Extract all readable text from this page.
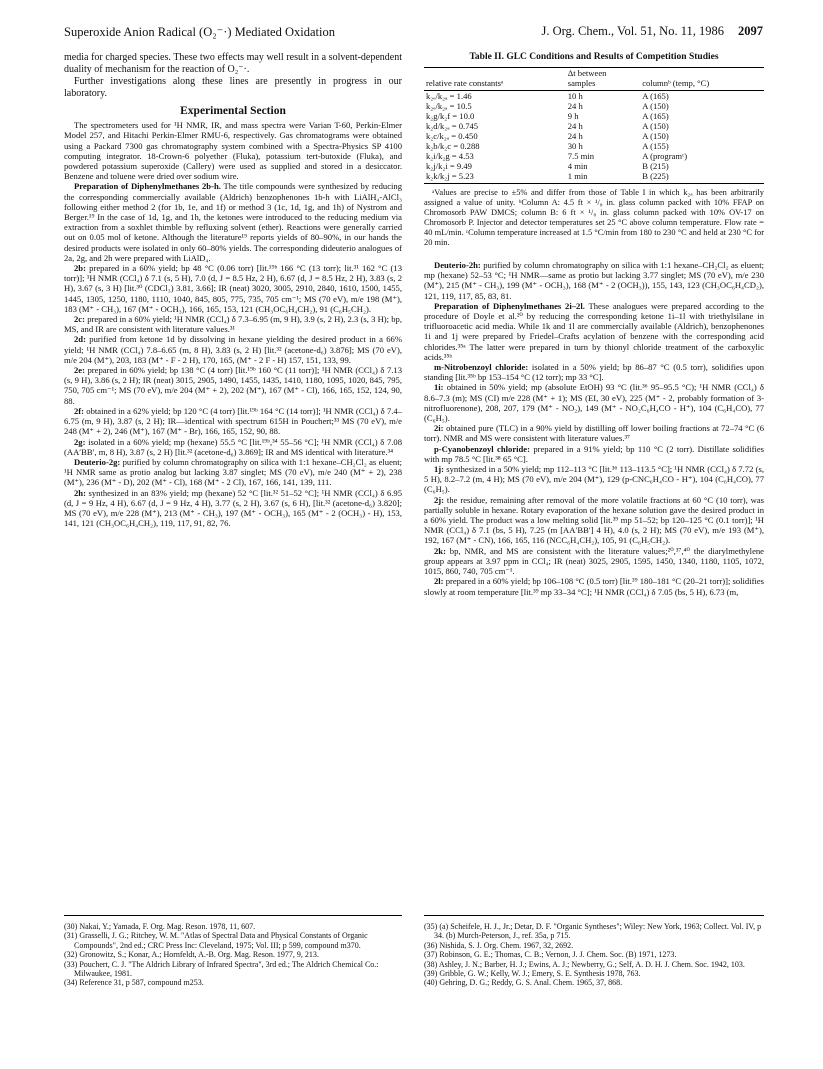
Superoxide Anion Radical (O₂⁻·) Mediated Oxidation	J. Org. Chem., Vol. 51, No. 11, 1986 2097

media for charged species. These two effects may well result in a solvent-dependent duality of mechanism for the reaction of O₂⁻·.

Further investigations along these lines are presently in progress in our laboratory.

Experimental Section

The spectrometers used for ¹H NMR, IR, and mass spectra were Varian T-60, Perkin-Elmer Model 257, and Hitachi Perkin-Elmer RMU-6, respectively. Gas chromatograms were obtained using a Packard 7300 gas chromatography system combined with a Spectra-Physics SP 4100 computing integrator. 18-Crown-6 polyether (Fluka), potassium tert-butoxide (Fluka), and powdered potassium superoxide (Callery) were used as supplied and stored in a desiccator. Benzene and toluene were dried over sodium wire.

Preparation of Diphenylmethanes 2b-h. The title compounds were synthesized by reducing the corresponding commercially available (Aldrich) benzophenones 1b-h with LiAlH₄-AlCl₃ following either method 2 (for 1b, 1e, and 1f) or method 3 (1c, 1d, 1g, and 1h) of Nystrom and Berger.¹⁹ In the case of 1d, 1g, and 1h, the ketones were introduced to the reducing medium via extraction from a soxhlet thimble by refluxing solvent (ether). Reactions were generally carried out on 0.05 mol of ketone. Although the literature¹⁹ reports yields of 80–90%, in our hands the desired products were isolated in only 60–80% yields. The corresponding dideuterio analogues of 2a, 2g, and 2h were prepared with LiAlD₄.

2b: prepared in a 60% yield; bp 48 °C (0.06 torr) [lit.¹⁹ᵇ 166 °C (13 torr); lit.³¹ 162 °C (13 torr)]; ¹H NMR (CCl₄) δ 7.1 (s, 5 H), 7.0 (d, J = 8.5 Hz, 2 H), 6.67 (d, J = 8.5 Hz, 2 H), 3.83 (s, 2 H), 3.67 (s, 3 H) [lit.³⁰ (CDCl₃) 3.81, 3.66]; IR (neat) 3020, 3005, 2910, 2840, 1610, 1500, 1455, 1445, 1305, 1250, 1180, 1110, 1040, 845, 805, 775, 735, 705 cm⁻¹; MS (70 eV), m/e 198 (M⁺), 183 (M⁺ - CH₃), 167 (M⁺ - OCH₃), 166, 165, 153, 121 (CH₃OC₆H₄CH₂), 91 (C₆H₅CH₂).

2c: prepared in a 60% yield; ¹H NMR (CCl₄) δ 7.3–6.95 (m, 9 H), 3.9 (s, 2 H), 2.3 (s, 3 H); bp, MS, and IR are consistent with literature values.³¹

2d: purified from ketone 1d by dissolving in hexane yielding the desired product in a 66% yield; ¹H NMR (CCl₄) 7.8–6.65 (m, 8 H), 3.83 (s, 2 H) [lit.³² (acetone-d₆) 3.876]; MS (70 eV), m/e 204 (M⁺), 203, 183 (M⁺ - F - 2 H), 170, 165, (M⁺ - 2 F - H) 157, 151, 133, 99.

2e: prepared in 60% yield; bp 138 °C (4 torr) [lit.¹⁹ᵇ 160 °C (11 torr)]; ¹H NMR (CCl₄) δ 7.13 (s, 9 H), 3.86 (s, 2 H); IR (neat) 3015, 2905, 1490, 1455, 1435, 1410, 1180, 1095, 1020, 845, 795, 750, 705 cm⁻¹; MS (70 eV), m/e 204 (M⁺ + 2), 202 (M⁺), 167 (M⁺ - Cl), 166, 165, 152, 124, 90, 88.

2f: obtained in a 62% yield; bp 120 °C (4 torr) [lit.¹⁹ᵇ 164 °C (14 torr)]; ¹H NMR (CCl₄) δ 7.4–6.75 (m, 9 H), 3.87 (s, 2 H); IR—identical with spectrum 615H in Pouchert;³³ MS (70 eV), m/e 248 (M⁺ + 2), 246 (M⁺), 167 (M⁺ - Br), 166, 165, 152, 90, 88.

2g: isolated in a 60% yield; mp (hexane) 55.5 °C [lit.¹⁹ᵇ,³⁴ 55–56 °C]; ¹H NMR (CCl₄) δ 7.08 (AA′BB′, m, 8 H), 3.87 (s, 2 H) [lit.³² (acetone-d₆) 3.869]; IR and MS identical with literature.³⁴

Deuterio-2g: purified by column chromatography on silica with 1:1 hexane–CH₂Cl₂ as eluent; ¹H NMR same as protio analog but lacking 3.87 singlet; MS (70 eV), m/e 240 (M⁺ + 2), 238 (M⁺), 236 (M⁺ - D), 202 (M⁺ - Cl), 168 (M⁺ - 2 Cl), 167, 166, 141, 139, 111.

2h: synthesized in an 83% yield; mp (hexane) 52 °C [lit.³² 51–52 °C]; ¹H NMR (CCl₄) δ 6.95 (d, J = 9 Hz, 4 H), 6.67 (d, J = 9 Hz, 4 H), 3.77 (s, 2 H), 3.67 (s, 6 H), [lit.³² (acetone-d₆) 3.820]; MS (70 eV), m/e 228 (M⁺), 213 (M⁺ - CH₃), 197 (M⁺ - OCH₃), 165 (M⁺ - 2 (OCH₃) - H), 153, 141, 121 (CH₃OC₆H₄CH₂), 119, 117, 91, 82, 76.

Table II. GLC Conditions and Results of Competition Studies
	Δt between	
relative rate constantsᵃ	samples	columnᵇ (temp, °C)
k₂ₑ/k₂ₐ = 1.46	10 h	A (165)
k₂ₑ/k₂ₐ = 10.5	24 h	A (150)
k₂g/k₂f = 10.0	9 h	A (165)
k₂d/k₂ₐ = 0.745	24 h	A (150)
k₂c/k₂ₐ = 0.450	24 h	A (150)
k₂b/k₂c = 0.288	30 h	A (155)
k₂i/k₂g = 4.53	7.5 min	A (programᶜ)
k₂j/k₂i = 9.49	4 min	B (215)
k₂k/k₂j = 5.23	1 min	B (225)
ᵃValues are precise to ±5% and differ from those of Table I in which k₂ₐ has been arbitrarily assigned a value of unity. ᵇColumn A: 4.5 ft × ¹/₈ in. glass column packed with 10% FFAP on Chromosorb PAW DMCS; column B: 6 ft × ¹/₈ in. glass column packed with 10% OV-17 on Chromosorb P. Injector and detector temperatures set 25 °C above column temperature. Flow rate = 40 mL/min. ᶜColumn temperature increased at 1.5 °C/min from 180 to 230 °C and held at 230 °C for 20 min.

Deuterio-2h: purified by column chromatography on silica with 1:1 hexane–CH₂Cl₂ as eluent; mp (hexane) 52–53 °C; ¹H NMR—same as protio but lacking 3.77 singlet; MS (70 eV), m/e 230 (M⁺), 215 (M⁺ - CH₃), 199 (M⁺ - OCH₃), 168 (M⁺ - 2 (OCH₃)), 155, 143, 123 (CH₃OC₆H₄CD₂), 121, 119, 117, 85, 83, 81.

Preparation of Diphenylmethanes 2i–2l. These analogues were prepared according to the procedure of Doyle et al.²⁰ by reducing the corresponding ketone 1i–1l with triethylsilane in trifluoroacetic acid media. While 1k and 1l are commercially available (Aldrich), benzophenones 1i and 1j were prepared by Friedel–Crafts acylation of benzene with the corresponding acid chlorides.³⁵ᵃ The latter were prepared in turn by thionyl chloride treatment of the carboxylic acids.³⁵ᵇ

m-Nitrobenzoyl chloride: isolated in a 50% yield; bp 86–87 °C (0.5 torr), solidifies upon standing [lit.³⁵ᵇ bp 153–154 °C (12 torr); mp 33 °C].

1i: obtained in 50% yield; mp (absolute EtOH) 93 °C (lit.³⁶ 95–95.5 °C); ¹H NMR (CCl₄) δ 8.6–7.3 (m); MS (CI) m/e 228 (M⁺ + 1); MS (EI, 30 eV), 225 (M⁺ - 2, probably formation of 3-nitrofluorenone), 208, 207, 179 (M⁺ - NO₂), 149 (M⁺ - NO₂C₆H₄CO - H⁺), 104 (C₆H₄CO), 77 (C₆H₅).

2i: obtained pure (TLC) in a 90% yield by distilling off lower boiling fractions at 72–74 °C (6 torr). NMR and MS were consistent with literature values.³⁷

p-Cyanobenzoyl chloride: prepared in a 91% yield; bp 110 °C (2 torr). Distillate solidifies with mp 78.5 °C [lit.³⁸ 65 °C].

1j: synthesized in a 50% yield; mp 112–113 °C [lit.³⁶ 113–113.5 °C]; ¹H NMR (CCl₄) δ 7.72 (s, 5 H), 8.2–7.2 (m, 4 H); MS (70 eV), m/e 204 (M⁺), 129 (p-CNC₆H₄CO - H⁺), 104 (C₆H₄CO), 77 (C₆H₅).

2j: the residue, remaining after removal of the more volatile fractions at 60 °C (10 torr), was partially soluble in hexane. Rotary evaporation of the hexane solution gave the desired product in a 60% yield. The product was a low melting solid [lit.³⁹ mp 51–52; bp 120–125 °C (0.1 torr)]; ¹H NMR (CCl₄) δ 7.1 (bs, 5 H), 7.25 (m [AA′BB′] 4 H), 4.0 (s, 2 H); MS (70 eV), m/e 193 (M⁺), 192, 167 (M⁺ - CN), 166, 165, 116 (NCC₆H₄CH₂), 105, 91 (C₆H₅CH₂).

2k: bp, NMR, and MS are consistent with the literature values;²⁰,³⁷,⁴⁰ the diarylmethylene group appears at 3.97 ppm in CCl₄; IR (neat) 3025, 2905, 1595, 1450, 1340, 1180, 1105, 1072, 1015, 860, 740, 705 cm⁻¹.

2l: prepared in a 60% yield; bp 106–108 °C (0.5 torr) [lit.³⁹ 180–181 °C (20–21 torr)]; solidifies slowly at room temperature [lit.³⁹ mp 33–34 °C]; ¹H NMR (CCl₄) δ 7.05 (bs, 5 H), 6.73 (m,

(30) Nakai, Y.; Yamada, F. Org. Mag. Reson. 1978, 11, 607.
(31) Grasselli, J. G.; Ritchey, W. M. "Atlas of Spectral Data and Physical Constants of Organic Compounds", 2nd ed.; CRC Press Inc: Cleveland, 1975; Vol. III; p 599, compound m370.
(32) Gronowitz, S.; Konar, A.; Hornfeldt, A.-B. Org. Mag. Reson. 1977, 9, 213.
(33) Pouchert, C. J. "The Aldrich Library of Infrared Spectra", 3rd ed.; The Aldrich Chemical Co.: Milwaukee, 1981.
(34) Reference 31, p 587, compound m253.
(35) (a) Scheifele, H. J., Jr.; Detar, D. F. "Organic Syntheses"; Wiley: New York, 1963; Collect. Vol. IV, p 34. (b) Murch-Peterson, J., ref. 35a, p 715.
(36) Nishida, S. J. Org. Chem. 1967, 32, 2692.
(37) Robinson, G. E.; Thomas, C. B.; Vernon, J. J. Chem. Soc. (B) 1971, 1273.
(38) Ashley, J. N.; Barber, H. J.; Ewins, A. J.; Newberry, G.; Self, A. D. H. J. Chem. Soc. 1942, 103.
(39) Gribble, G. W.; Kelly, W. J.; Emery, S. E. Synthesis 1978, 763.
(40) Gehring, D. G.; Reddy, G. S. Anal. Chem. 1965, 37, 868.
